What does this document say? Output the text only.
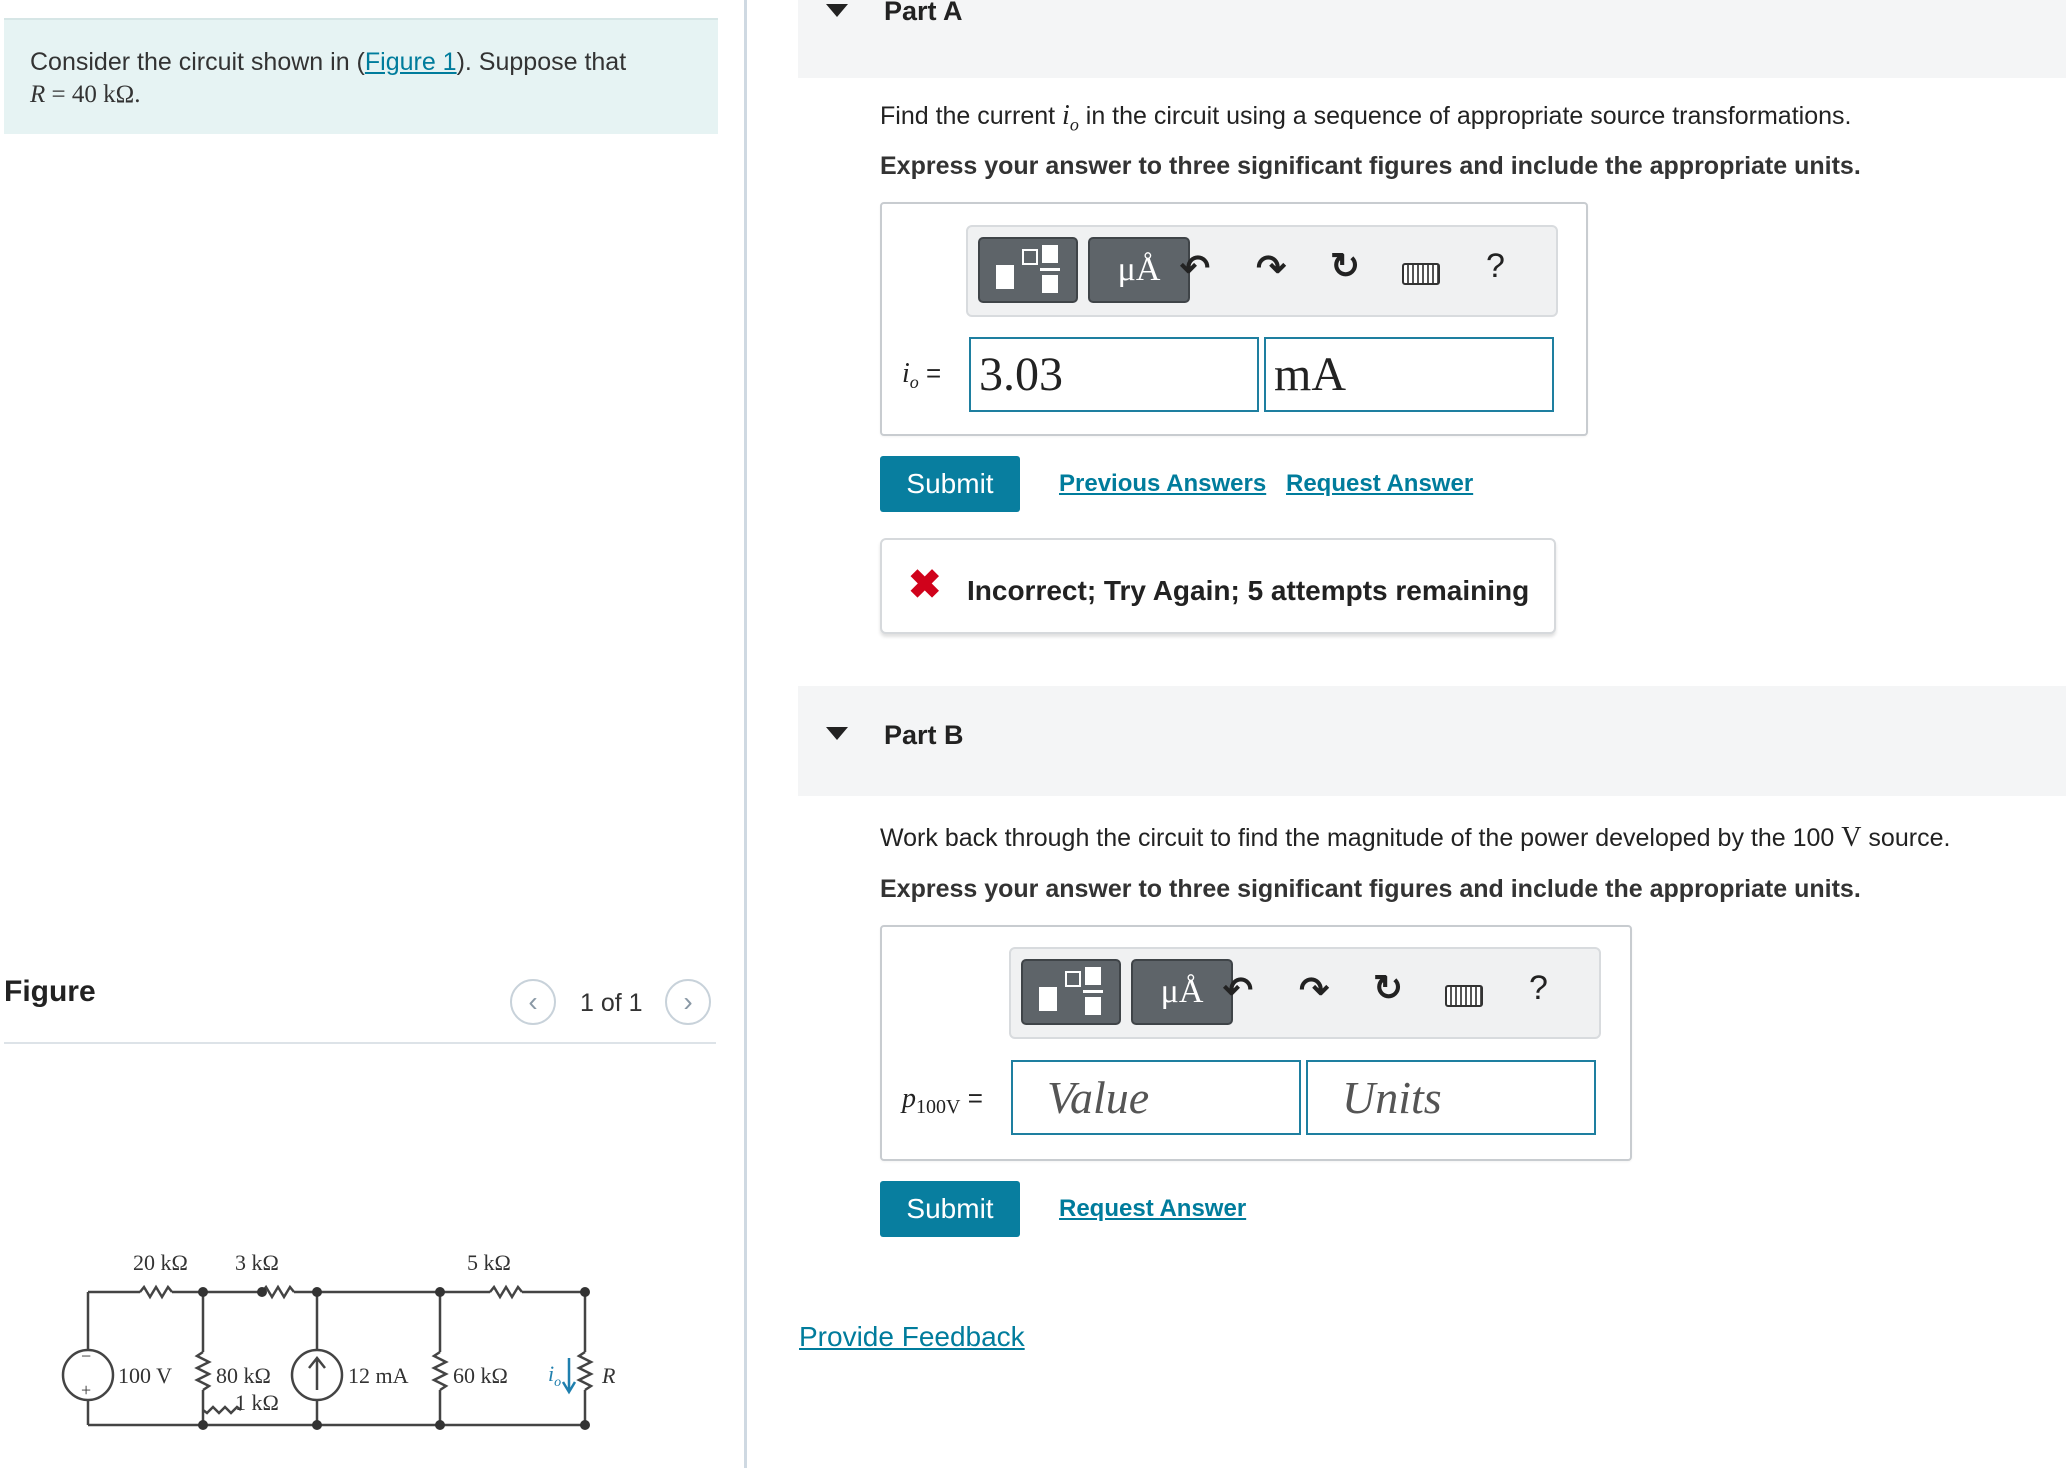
Consider the circuit shown in (Figure 1). Suppose that
R = 40 kΩ.
Figure	‹ 1 of 1 ›
20 kΩ 3 kΩ	5 kΩ
100 V 80 kΩ	12 mA 60 kΩ
1 kΩ
R
−
+
$i_o$
Part A
Find the current $i_o$ in the circuit using a sequence of appropriate source transformations.
Express your answer to three significant figures and include the appropriate units.
μÅ ↶ ↷ ↻	?
$i_o = 3.03$	mA
Submit	Previous Answers Request Answer
✖ Incorrect; Try Again; 5 attempts remaining
Part B
Work back through the circuit to find the magnitude of the power developed by the 100 V source.
Express your answer to three significant figures and include the appropriate units.
μÅ ↶ ↷ ↻	?
$p_{100V}$ =	Value	Units
Submit	Request Answer
Provide Feedback
